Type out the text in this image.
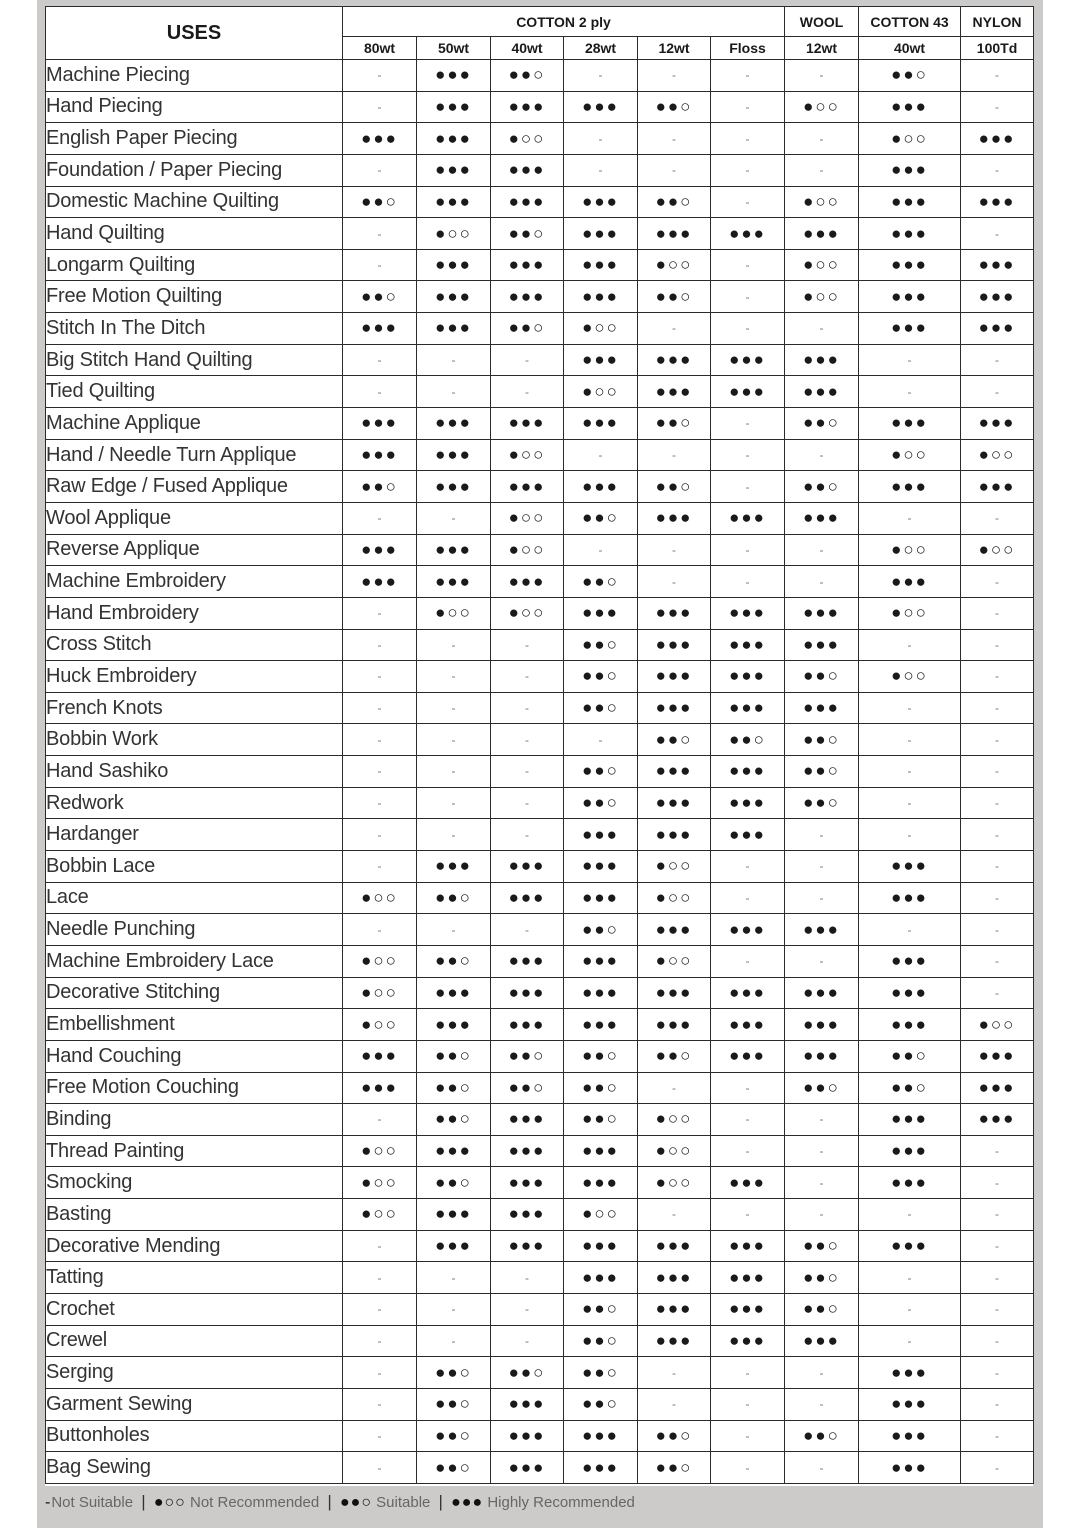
USES	COTTON 2 ply						WOOL	COTTON 43	NYLON
	80wt	50wt	40wt	28wt	12wt	Floss	12wt	40wt	100Td
Machine Piecing	-	●●●	●●○	-	-	-	-	●●○	-
Hand Piecing	-	●●●	●●●	●●●	●●○	-	●○○	●●●	-
English Paper Piecing	●●●	●●●	●○○	-	-	-	-	●○○	●●●
Foundation / Paper Piecing	-	●●●	●●●	-	-	-	-	●●●	-
Domestic Machine Quilting	●●○	●●●	●●●	●●●	●●○	-	●○○	●●●	●●●
Hand Quilting	-	●○○	●●○	●●●	●●●	●●●	●●●	●●●	-
Longarm Quilting	-	●●●	●●●	●●●	●○○	-	●○○	●●●	●●●
Free Motion Quilting	●●○	●●●	●●●	●●●	●●○	-	●○○	●●●	●●●
Stitch In The Ditch	●●●	●●●	●●○	●○○	-	-	-	●●●	●●●
Big Stitch Hand Quilting	-	-	-	●●●	●●●	●●●	●●●	-	-
Tied Quilting	-	-	-	●○○	●●●	●●●	●●●	-	-
Machine Applique	●●●	●●●	●●●	●●●	●●○	-	●●○	●●●	●●●
Hand / Needle Turn Applique	●●●	●●●	●○○	-	-	-	-	●○○	●○○
Raw Edge / Fused Applique	●●○	●●●	●●●	●●●	●●○	-	●●○	●●●	●●●
Wool Applique	-	-	●○○	●●○	●●●	●●●	●●●	-	-
Reverse Applique	●●●	●●●	●○○	-	-	-	-	●○○	●○○
Machine Embroidery	●●●	●●●	●●●	●●○	-	-	-	●●●	-
Hand Embroidery	-	●○○	●○○	●●●	●●●	●●●	●●●	●○○	-
Cross Stitch	-	-	-	●●○	●●●	●●●	●●●	-	-
Huck Embroidery	-	-	-	●●○	●●●	●●●	●●○	●○○	-
French Knots	-	-	-	●●○	●●●	●●●	●●●	-	-
Bobbin Work	-	-	-	-	●●○	●●○	●●○	-	-
Hand Sashiko	-	-	-	●●○	●●●	●●●	●●○	-	-
Redwork	-	-	-	●●○	●●●	●●●	●●○	-	-
Hardanger	-	-	-	●●●	●●●	●●●	-	-	-
Bobbin Lace	-	●●●	●●●	●●●	●○○	-	-	●●●	-
Lace	●○○	●●○	●●●	●●●	●○○	-	-	●●●	-
Needle Punching	-	-	-	●●○	●●●	●●●	●●●	-	-
Machine Embroidery Lace	●○○	●●○	●●●	●●●	●○○	-	-	●●●	-
Decorative Stitching	●○○	●●●	●●●	●●●	●●●	●●●	●●●	●●●	-
Embellishment	●○○	●●●	●●●	●●●	●●●	●●●	●●●	●●●	●○○
Hand Couching	●●●	●●○	●●○	●●○	●●○	●●●	●●●	●●○	●●●
Free Motion Couching	●●●	●●○	●●○	●●○	-	-	●●○	●●○	●●●
Binding	-	●●○	●●●	●●○	●○○	-	-	●●●	●●●
Thread Painting	●○○	●●●	●●●	●●●	●○○	-	-	●●●	-
Smocking	●○○	●●○	●●●	●●●	●○○	●●●	-	●●●	-
Basting	●○○	●●●	●●●	●○○	-	-	-	-	-
Decorative Mending	-	●●●	●●●	●●●	●●●	●●●	●●○	●●●	-
Tatting	-	-	-	●●●	●●●	●●●	●●○	-	-
Crochet	-	-	-	●●○	●●●	●●●	●●○	-	-
Crewel	-	-	-	●●○	●●●	●●●	●●●	-	-
Serging	-	●●○	●●○	●●○	-	-	-	●●●	-
Garment Sewing	-	●●○	●●●	●●○	-	-	-	●●●	-
Buttonholes	-	●●○	●●●	●●●	●●○	-	●●○	●●●	-
Bag Sewing	-	●●○	●●●	●●●	●●○	-	-	●●●	-
-Not Suitable | ●○○ Not Recommended | ●●○ Suitable | ●●● Highly Recommended
